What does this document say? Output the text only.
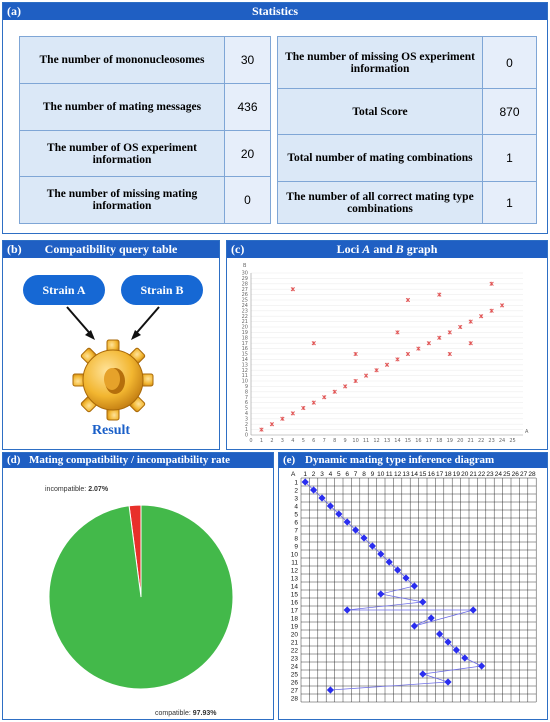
(a)	Statistics
The number of mononucleosomes	30
The number of mating messages	436
The number of OS experiment information	20
The number of missing mating information	0
The number of missing OS experiment information	0
Total Score	870
Total number of mating combinations	1
The number of all correct mating type combinations	1
(b)	Compatibility query table
Strain A	Strain B
Result
(c)	Loci A and B graph
0
1
2
3
4
5
6
7
8
9
10
11
12
13
14
15
16
17
18
19
20
21
22
23
24
25
26
27
28
29
30
0 1 2 3 4 5 6 7 8 9 10 11 12 13 14 15 16 17 18 19 20 21 22 23 24 25
A
B
(d) Mating compatibility / incompatibility rate
incompatible: 2.07%
compatible: 97.93%
(e) Dynamic mating type inference diagram
A 1 2 3 4 5 6 7 8 9 10 11 12 13 14 15 16 17 18 19 20 21 22 23 24 25 26 27 28
1
2
3
4
5
6
7
8
9
10
11
12
13
14
15
16
17
18
19
20
21
22
23
24
25
26
27
28
